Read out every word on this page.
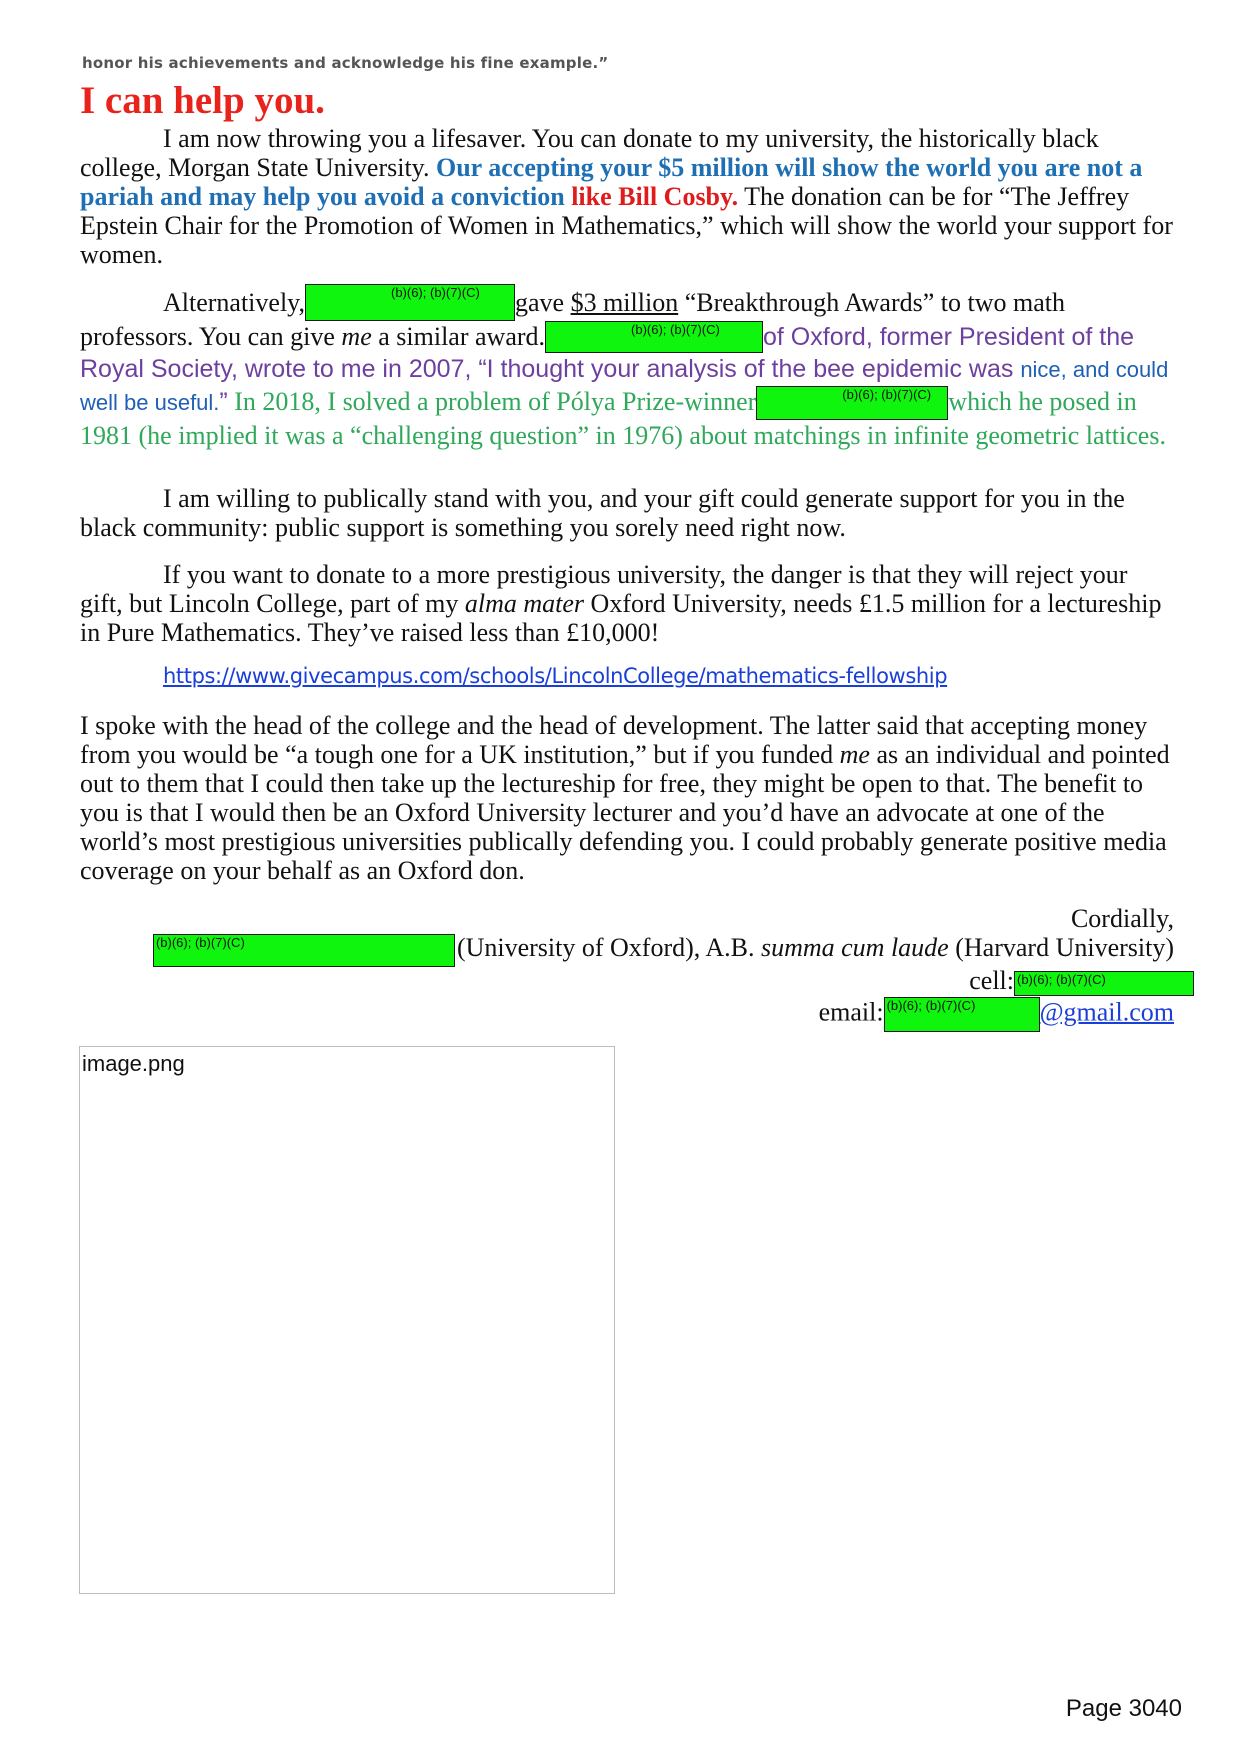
honor his achievements and acknowledge his fine example.”
I can help you.

I am now throwing you a lifesaver. You can donate to my university, the historically black college, Morgan State University. Our accepting your $5 million will show the world you are not a pariah and may help you avoid a conviction like Bill Cosby. The donation can be for “The Jeffrey Epstein Chair for the Promotion of Women in Mathematics,” which will show the world your support for women.

Alternatively,	(b)(6); (b)(7)(C) gave $3 million “Breakthrough Awards” to two math professors. You can give me a similar award.	(b)(6); (b)(7)(C) of Oxford, former President of the Royal Society, wrote to me in 2007, “I thought your analysis of the bee epidemic was nice, and could well be useful.” In 2018, I solved a problem of Pólya Prize-winner	(b)(6); (b)(7)(C) which he posed in 1981 (he implied it was a “challenging question” in 1976) about matchings in infinite geometric lattices.

I am willing to publically stand with you, and your gift could generate support for you in the black community: public support is something you sorely need right now.

If you want to donate to a more prestigious university, the danger is that they will reject your gift, but Lincoln College, part of my alma mater Oxford University, needs £1.5 million for a lectureship in Pure Mathematics. They’ve raised less than £10,000!

https://www.givecampus.com/schools/LincolnCollege/mathematics-fellowship

I spoke with the head of the college and the head of development. The latter said that accepting money from you would be “a tough one for a UK institution,” but if you funded me as an individual and pointed out to them that I could then take up the lectureship for free, they might be open to that. The benefit to you is that I would then be an Oxford University lecturer and you’d have an advocate at one of the world’s most prestigious universities publically defending you. I could probably generate positive media coverage on your behalf as an Oxford don.

Cordially,
(b)(6); (b)(7)(C)	(University of Oxford), A.B. summa cum laude (Harvard University)
cell: (b)(6); (b)(7)(C)
email: (b)(6); (b)(7)(C) @gmail.com
image.png
Page 3040
